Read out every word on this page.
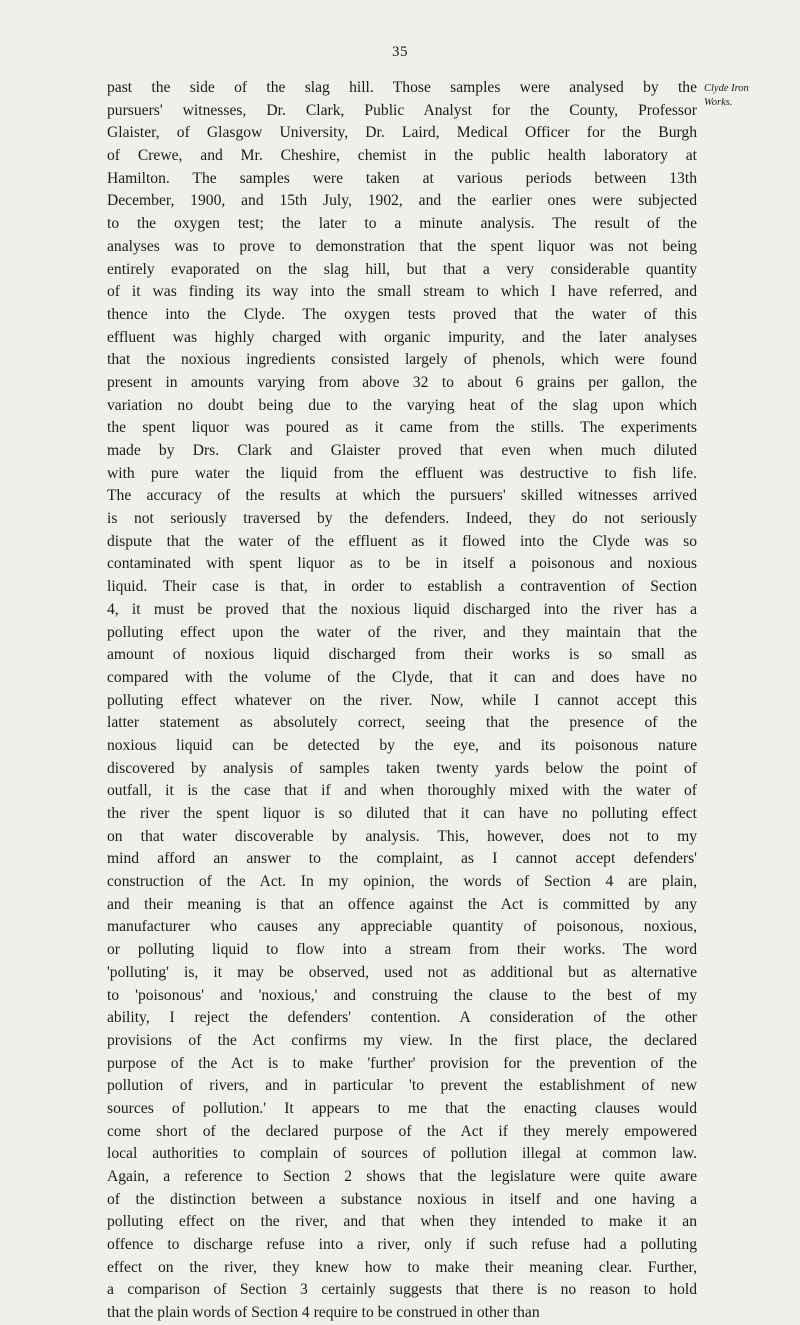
35
Clyde Iron
Works.
past the side of the slag hill. Those samples were analysed by the
pursuers' witnesses, Dr. Clark, Public Analyst for the County, Professor
Glaister, of Glasgow University, Dr. Laird, Medical Officer for the Burgh
of Crewe, and Mr. Cheshire, chemist in the public health laboratory at
Hamilton. The samples were taken at various periods between 13th
December, 1900, and 15th July, 1902, and the earlier ones were subjected
to the oxygen test; the later to a minute analysis. The result of the
analyses was to prove to demonstration that the spent liquor was not being
entirely evaporated on the slag hill, but that a very considerable quantity
of it was finding its way into the small stream to which I have referred, and
thence into the Clyde. The oxygen tests proved that the water of this
effluent was highly charged with organic impurity, and the later analyses
that the noxious ingredients consisted largely of phenols, which were found
present in amounts varying from above 32 to about 6 grains per gallon, the
variation no doubt being due to the varying heat of the slag upon which
the spent liquor was poured as it came from the stills. The experiments
made by Drs. Clark and Glaister proved that even when much diluted
with pure water the liquid from the effluent was destructive to fish life.
The accuracy of the results at which the pursuers' skilled witnesses arrived
is not seriously traversed by the defenders. Indeed, they do not seriously
dispute that the water of the effluent as it flowed into the Clyde was so
contaminated with spent liquor as to be in itself a poisonous and noxious
liquid. Their case is that, in order to establish a contravention of Section
4, it must be proved that the noxious liquid discharged into the river has a
polluting effect upon the water of the river, and they maintain that the
amount of noxious liquid discharged from their works is so small as
compared with the volume of the Clyde, that it can and does have no
polluting effect whatever on the river. Now, while I cannot accept this
latter statement as absolutely correct, seeing that the presence of the
noxious liquid can be detected by the eye, and its poisonous nature
discovered by analysis of samples taken twenty yards below the point of
outfall, it is the case that if and when thoroughly mixed with the water of
the river the spent liquor is so diluted that it can have no polluting effect
on that water discoverable by analysis. This, however, does not to my
mind afford an answer to the complaint, as I cannot accept defenders'
construction of the Act. In my opinion, the words of Section 4 are plain,
and their meaning is that an offence against the Act is committed by any
manufacturer who causes any appreciable quantity of poisonous, noxious,
or polluting liquid to flow into a stream from their works. The word
'polluting' is, it may be observed, used not as additional but as alternative
to 'poisonous' and 'noxious,' and construing the clause to the best of my
ability, I reject the defenders' contention. A consideration of the other
provisions of the Act confirms my view. In the first place, the declared
purpose of the Act is to make 'further' provision for the prevention of the
pollution of rivers, and in particular 'to prevent the establishment of new
sources of pollution.' It appears to me that the enacting clauses would
come short of the declared purpose of the Act if they merely empowered
local authorities to complain of sources of pollution illegal at common law.
Again, a reference to Section 2 shows that the legislature were quite aware
of the distinction between a substance noxious in itself and one having a
polluting effect on the river, and that when they intended to make it an
offence to discharge refuse into a river, only if such refuse had a polluting
effect on the river, they knew how to make their meaning clear. Further,
a comparison of Section 3 certainly suggests that there is no reason to hold
that the plain words of Section 4 require to be construed in other than
